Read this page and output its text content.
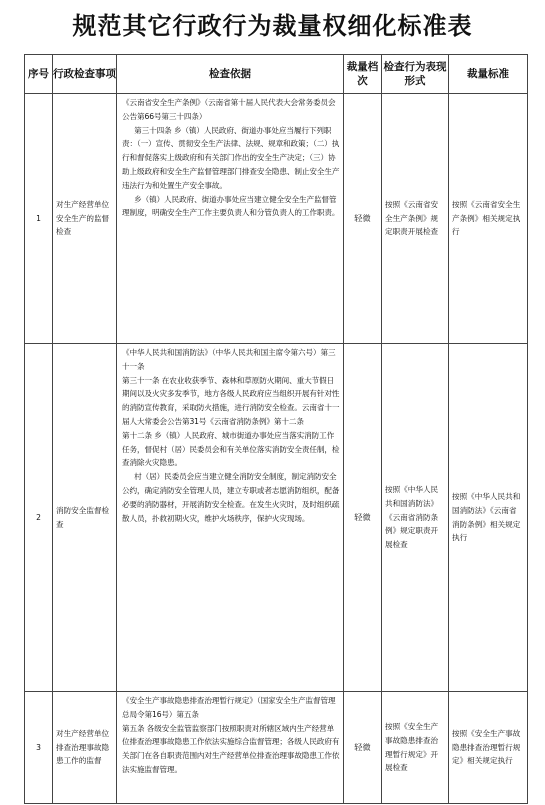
规范其它行政行为裁量权细化标准表
序号	行政检查事项	检查依据	裁量档次	检查行为表现形式	裁量标准
1	对生产经营单位安全生产的监督检查	《云南省安全生产条例》（云南省第十届人民代表大会常务委员会公告第66号第三十四条）

第三十四条 乡（镇）人民政府、街道办事处应当履行下列职责：（一）宣传、贯彻安全生产法律、法规、规章和政策；（二）执行和督促落实上级政府和有关部门作出的安全生产决定；（三）协助上级政府和安全生产监督管理部门排查安全隐患、制止安全生产违法行为和处置生产安全事故。

乡（镇）人民政府、街道办事处应当建立健全安全生产监督管理制度，明确安全生产工作主要负责人和分管负责人的工作职责。	轻微	按照《云南省安全生产条例》规定职责开展检查	按照《云南省安全生产条例》相关规定执行
2	消防安全监督检查	《中华人民共和国消防法》（中华人民共和国主席令第六号）第三十一条

第三十一条 在农业收获季节、森林和草原防火期间、重大节假日期间以及火灾多发季节，地方各级人民政府应当组织开展有针对性的消防宣传教育，采取防火措施，进行消防安全检查。云南省十一届人大常委会公告第31号《云南省消防条例》第十二条

第十二条 乡（镇）人民政府、城市街道办事处应当落实消防工作任务，督促村（居）民委员会和有关单位落实消防安全责任制，检查消除火灾隐患。

村（居）民委员会应当建立健全消防安全制度，制定消防安全公约，确定消防安全管理人员，建立专职或者志愿消防组织，配备必要的消防器材，开展消防安全检查。在发生火灾时，及时组织疏散人员，扑救初期火灾，维护火场秩序，保护火灾现场。	轻微	按照《中华人民共和国消防法》《云南省消防条例》规定职责开展检查	按照《中华人民共和国消防法》《云南省消防条例》相关规定执行
3	对生产经营单位排查治理事故隐患工作的监督	《安全生产事故隐患排查治理暂行规定》（国家安全生产监督管理总局令第16号）第五条

第五条 各级安全监管监察部门按照职责对所辖区域内生产经营单位排查治理事故隐患工作依法实施综合监督管理；各级人民政府有关部门在各自职责范围内对生产经营单位排查治理事故隐患工作依法实施监督管理。	轻微	按照《安全生产事故隐患排查治理暂行规定》开展检查	按照《安全生产事故隐患排查治理暂行规定》相关规定执行
